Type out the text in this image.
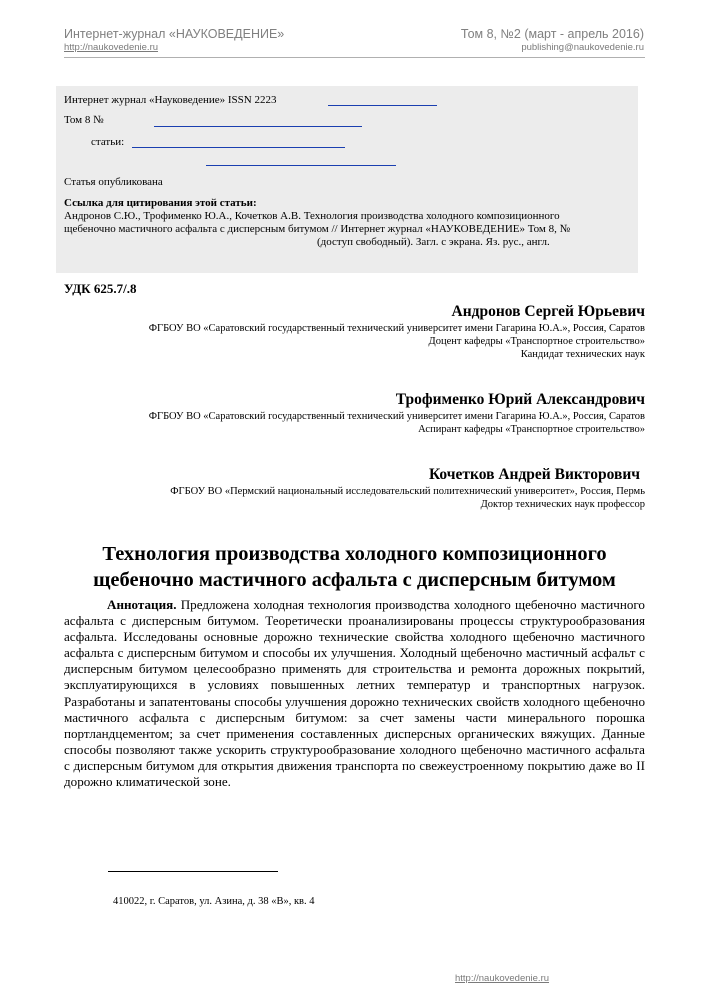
Интернет-журнал «НАУКОВЕДЕНИЕ»
http://naukovedenie.ru
Том 8, №2 (март - апрель 2016)
publishing@naukovedenie.ru
Интернет журнал «Науковедение» ISSN 2223
Том 8 №
статьи:
Статья опубликована
Ссылка для цитирования этой статьи:
Андронов С.Ю., Трофименко Ю.А., Кочетков А.В. Технология производства холодного композиционного
щебеночно мастичного асфальта с дисперсным битумом // Интернет журнал «НАУКОВЕДЕНИЕ» Том 8, №
(доступ свободный). Загл. с экрана. Яз. рус., англ.
УДК 625.7/.8
Андронов Сергей Юрьевич
ФГБОУ ВО «Саратовский государственный технический университет имени Гагарина Ю.А.», Россия, Саратов
Доцент кафедры «Транспортное строительство»
Кандидат технических наук
Трофименко Юрий Александрович
ФГБОУ ВО «Саратовский государственный технический университет имени Гагарина Ю.А.», Россия, Саратов
Аспирант кафедры «Транспортное строительство»
Кочетков Андрей Викторович
ФГБОУ ВО «Пермский национальный исследовательский политехнический университет», Россия, Пермь
Доктор технических наук профессор
Технология производства холодного композиционного
щебеночно мастичного асфальта с дисперсным битумом
Аннотация. Предложена холодная технология производства холодного щебеночно мастичного асфальта с дисперсным битумом. Теоретически проанализированы процессы структурообразования асфальта. Исследованы основные дорожно технические свойства холодного щебеночно мастичного асфальта с дисперсным битумом и способы их улучшения. Холодный щебеночно мастичный асфальт с дисперсным битумом целесообразно применять для строительства и ремонта дорожных покрытий, эксплуатирующихся в условиях повышенных летних температур и транспортных нагрузок. Разработаны и запатентованы способы улучшения дорожно технических свойств холодного щебеночно мастичного асфальта с дисперсным битумом: за счет замены части минерального порошка портландцементом; за счет применения составленных дисперсных органических вяжущих. Данные способы позволяют также ускорить структурообразование холодного щебеночно мастичного асфальта с дисперсным битумом для открытия движения транспорта по свежеустроенному покрытию даже во II дорожно климатической зоне.
410022, г. Саратов, ул. Азина, д. 38 «В», кв. 4
http://naukovedenie.ru
